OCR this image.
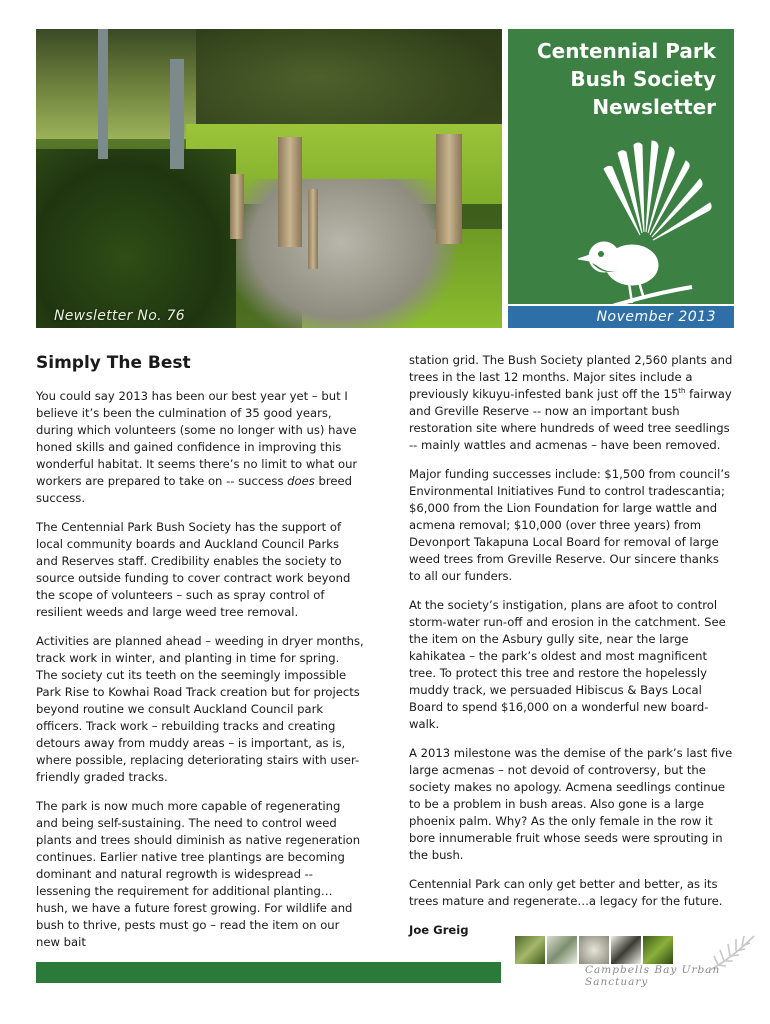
Newsletter No. 76
Centennial Park
Bush Society
Newsletter
November 2013
Simply The Best

You could say 2013 has been our best year yet – but I believe it’s been the culmination of 35 good years, during which volunteers (some no longer with us) have honed skills and gained confidence in improving this wonderful habitat. It seems there’s no limit to what our workers are prepared to take on -- success does breed success.

The Centennial Park Bush Society has the support of local community boards and Auckland Council Parks and Reserves staff. Credibility enables the society to source outside funding to cover contract work beyond the scope of volunteers – such as spray control of resilient weeds and large weed tree removal.

Activities are planned ahead – weeding in dryer months, track work in winter, and planting in time for spring. The society cut its teeth on the seemingly impossible Park Rise to Kowhai Road Track creation but for projects beyond routine we consult Auckland Council park officers. Track work – rebuilding tracks and creating detours away from muddy areas – is important, as is, where possible, replacing deteriorating stairs with user-friendly graded tracks.

The park is now much more capable of regenerating and being self-sustaining. The need to control weed plants and trees should diminish as native regeneration continues. Earlier native tree plantings are becoming dominant and natural regrowth is widespread -- lessening the requirement for additional planting… hush, we have a future forest growing. For wildlife and bush to thrive, pests must go – read the item on our new bait

station grid. The Bush Society planted 2,560 plants and trees in the last 12 months. Major sites include a previously kikuyu-infested bank just off the 15th fairway and Greville Reserve -- now an important bush restoration site where hundreds of weed tree seedlings -- mainly wattles and acmenas – have been removed.

Major funding successes include: $1,500 from council’s Environmental Initiatives Fund to control tradescantia; $6,000 from the Lion Foundation for large wattle and acmena removal; $10,000 (over three years) from Devonport Takapuna Local Board for removal of large weed trees from Greville Reserve. Our sincere thanks to all our funders.

At the society’s instigation, plans are afoot to control storm-water run-off and erosion in the catchment. See the item on the Asbury gully site, near the large kahikatea – the park’s oldest and most magnificent tree. To protect this tree and restore the hopelessly muddy track, we persuaded Hibiscus & Bays Local Board to spend $16,000 on a wonderful new board-walk.

A 2013 milestone was the demise of the park’s last five large acmenas – not devoid of controversy, but the society makes no apology. Acmena seedlings continue to be a problem in bush areas. Also gone is a large phoenix palm. Why? As the only female in the row it bore innumerable fruit whose seeds were sprouting in the bush.

Centennial Park can only get better and better, as its trees mature and regenerate…a legacy for the future.

Joe Greig

Campbells Bay Urban Sanctuary
